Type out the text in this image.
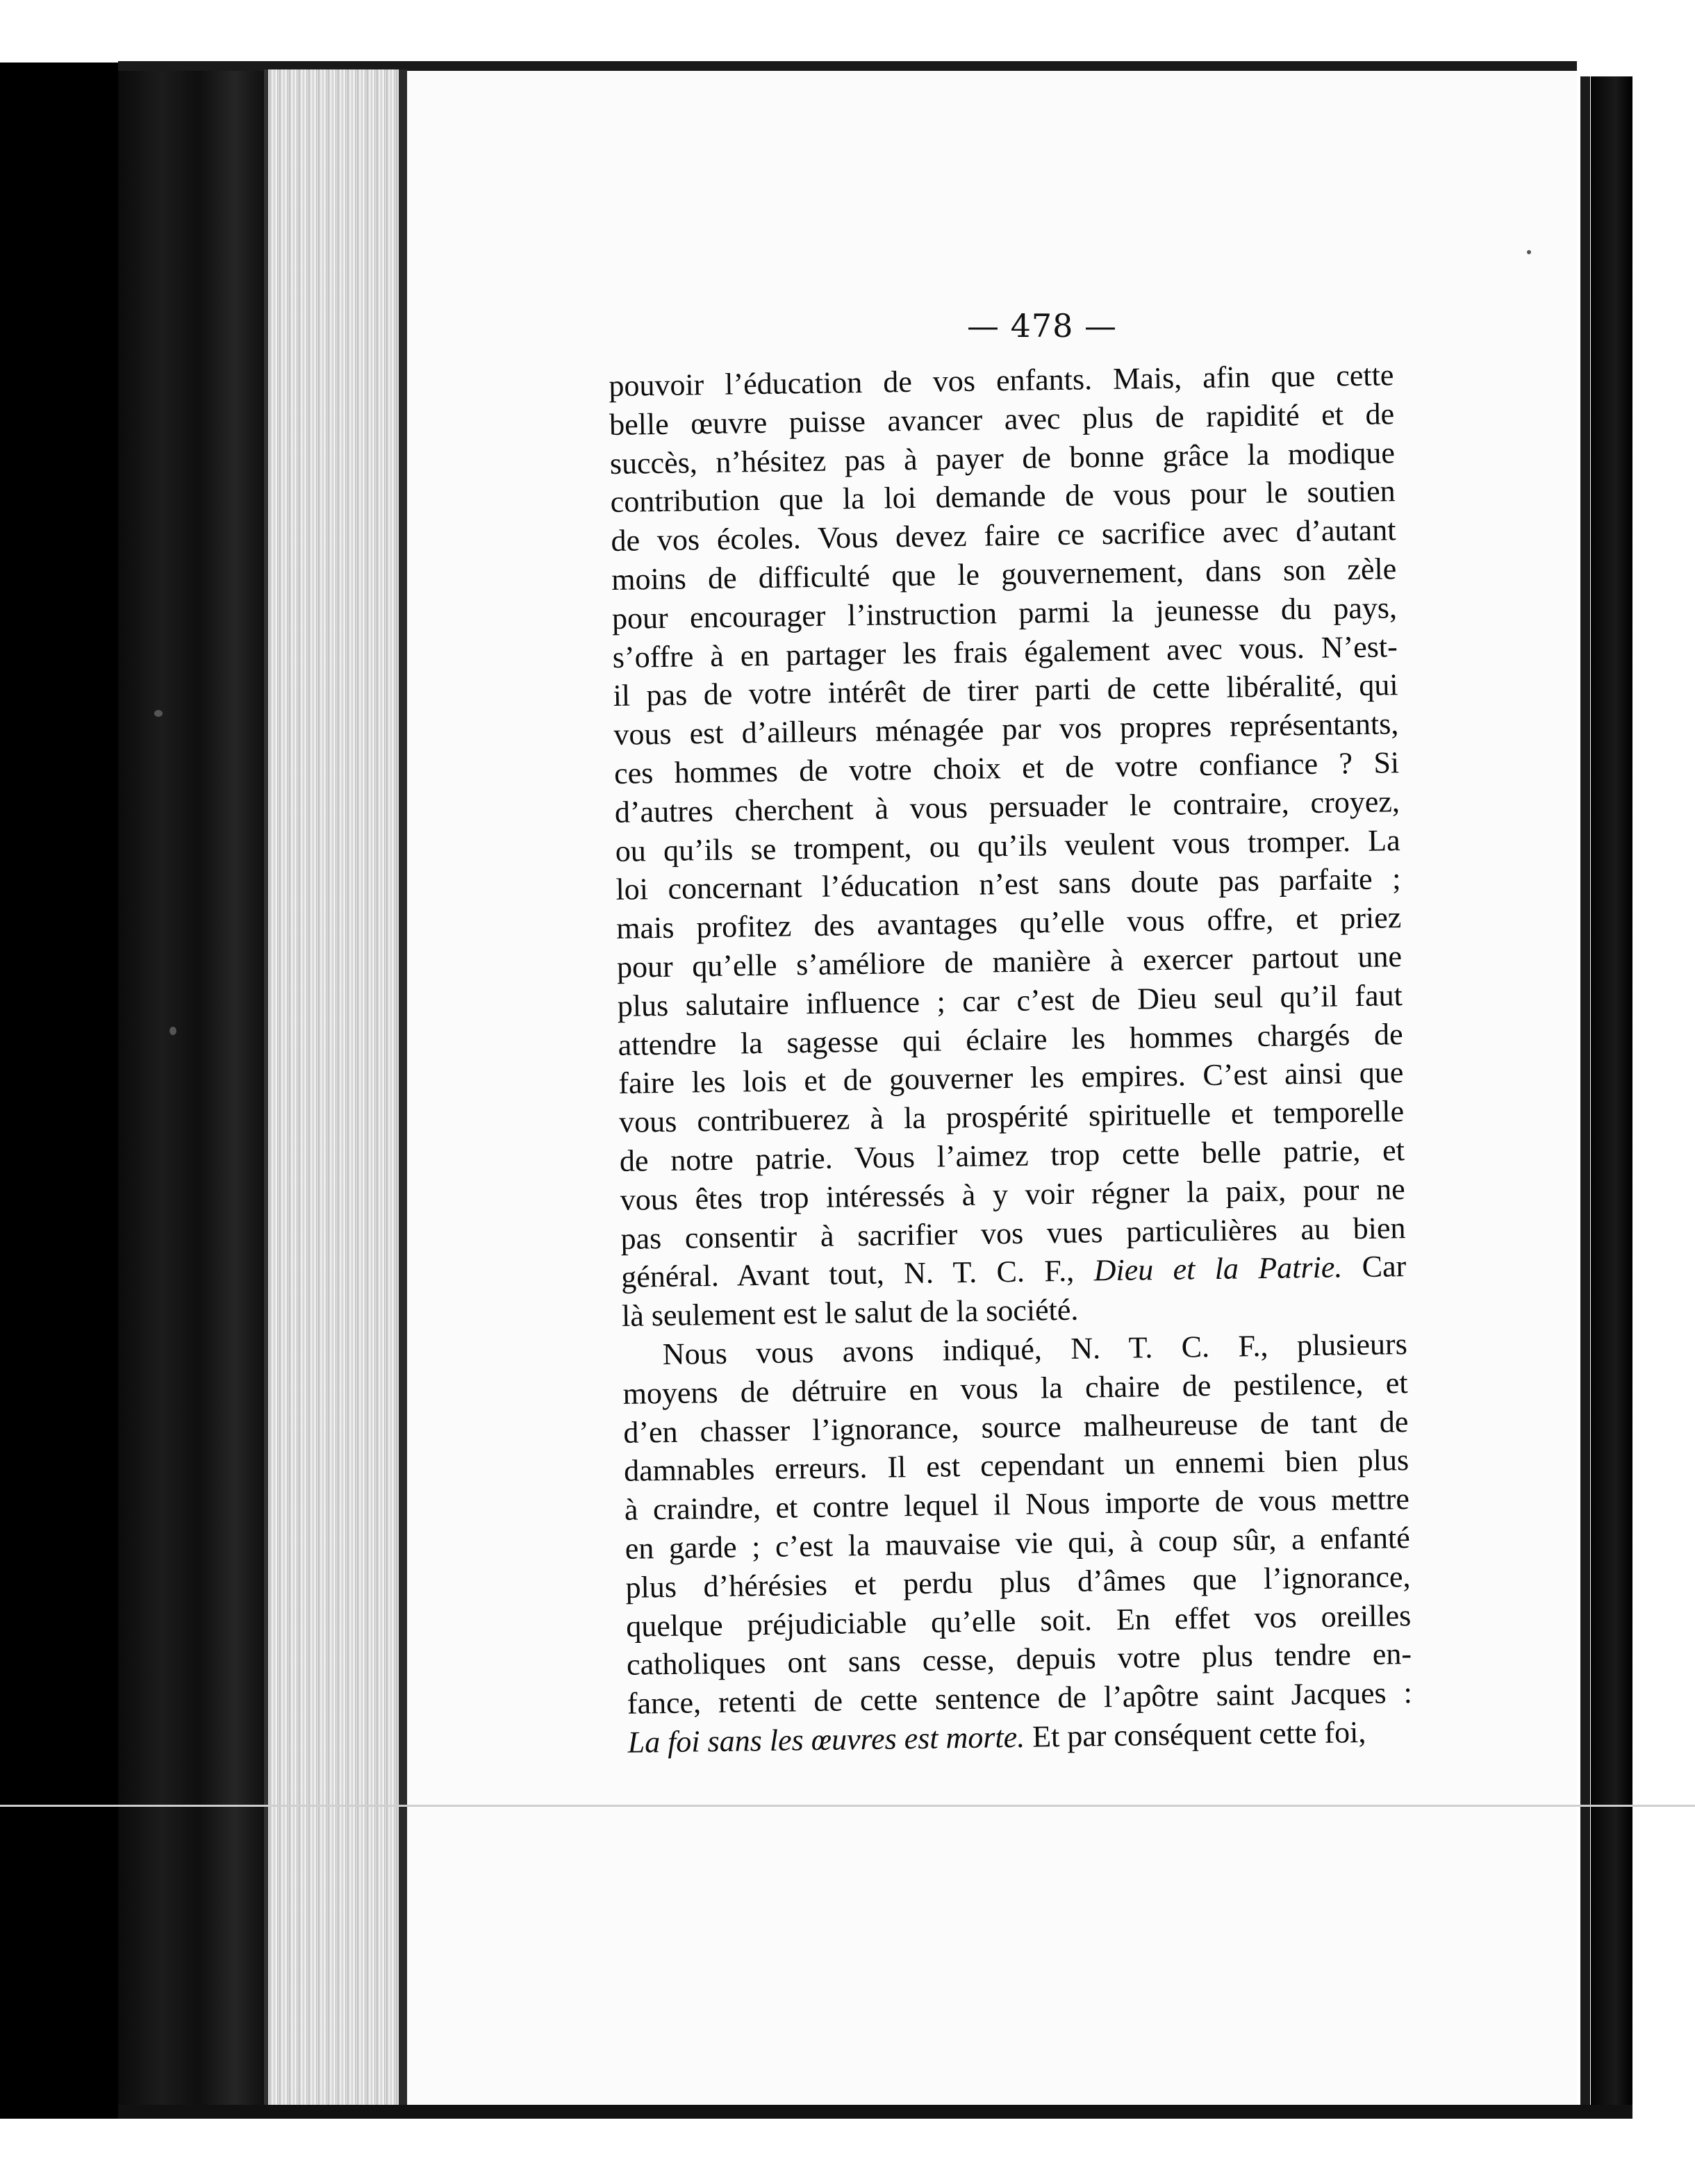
— 478 —
pouvoir l’éducation de vos enfants. Mais, afin que cette
belle œuvre puisse avancer avec plus de rapidité et de
succès, n’hésitez pas à payer de bonne grâce la modique
contribution que la loi demande de vous pour le soutien
de vos écoles. Vous devez faire ce sacrifice avec d’autant
moins de difficulté que le gouvernement, dans son zèle
pour encourager l’instruction parmi la jeunesse du pays,
s’offre à en partager les frais également avec vous. N’est-
il pas de votre intérêt de tirer parti de cette libéralité, qui
vous est d’ailleurs ménagée par vos propres représentants,
ces hommes de votre choix et de votre confiance ? Si
d’autres cherchent à vous persuader le contraire, croyez,
ou qu’ils se trompent, ou qu’ils veulent vous tromper. La
loi concernant l’éducation n’est sans doute pas parfaite ;
mais profitez des avantages qu’elle vous offre, et priez
pour qu’elle s’améliore de manière à exercer partout une
plus salutaire influence ; car c’est de Dieu seul qu’il faut
attendre la sagesse qui éclaire les hommes chargés de
faire les lois et de gouverner les empires. C’est ainsi que
vous contribuerez à la prospérité spirituelle et temporelle
de notre patrie. Vous l’aimez trop cette belle patrie, et
vous êtes trop intéressés à y voir régner la paix, pour ne
pas consentir à sacrifier vos vues particulières au bien
général. Avant tout, N. T. C. F., Dieu et la Patrie. Car
là seulement est le salut de la société.
Nous vous avons indiqué, N. T. C. F., plusieurs
moyens de détruire en vous la chaire de pestilence, et
d’en chasser l’ignorance, source malheureuse de tant de
damnables erreurs. Il est cependant un ennemi bien plus
à craindre, et contre lequel il Nous importe de vous mettre
en garde ; c’est la mauvaise vie qui, à coup sûr, a enfanté
plus d’hérésies et perdu plus d’âmes que l’ignorance,
quelque préjudiciable qu’elle soit. En effet vos oreilles
catholiques ont sans cesse, depuis votre plus tendre en-
fance, retenti de cette sentence de l’apôtre saint Jacques :
La foi sans les œuvres est morte. Et par conséquent cette foi,
